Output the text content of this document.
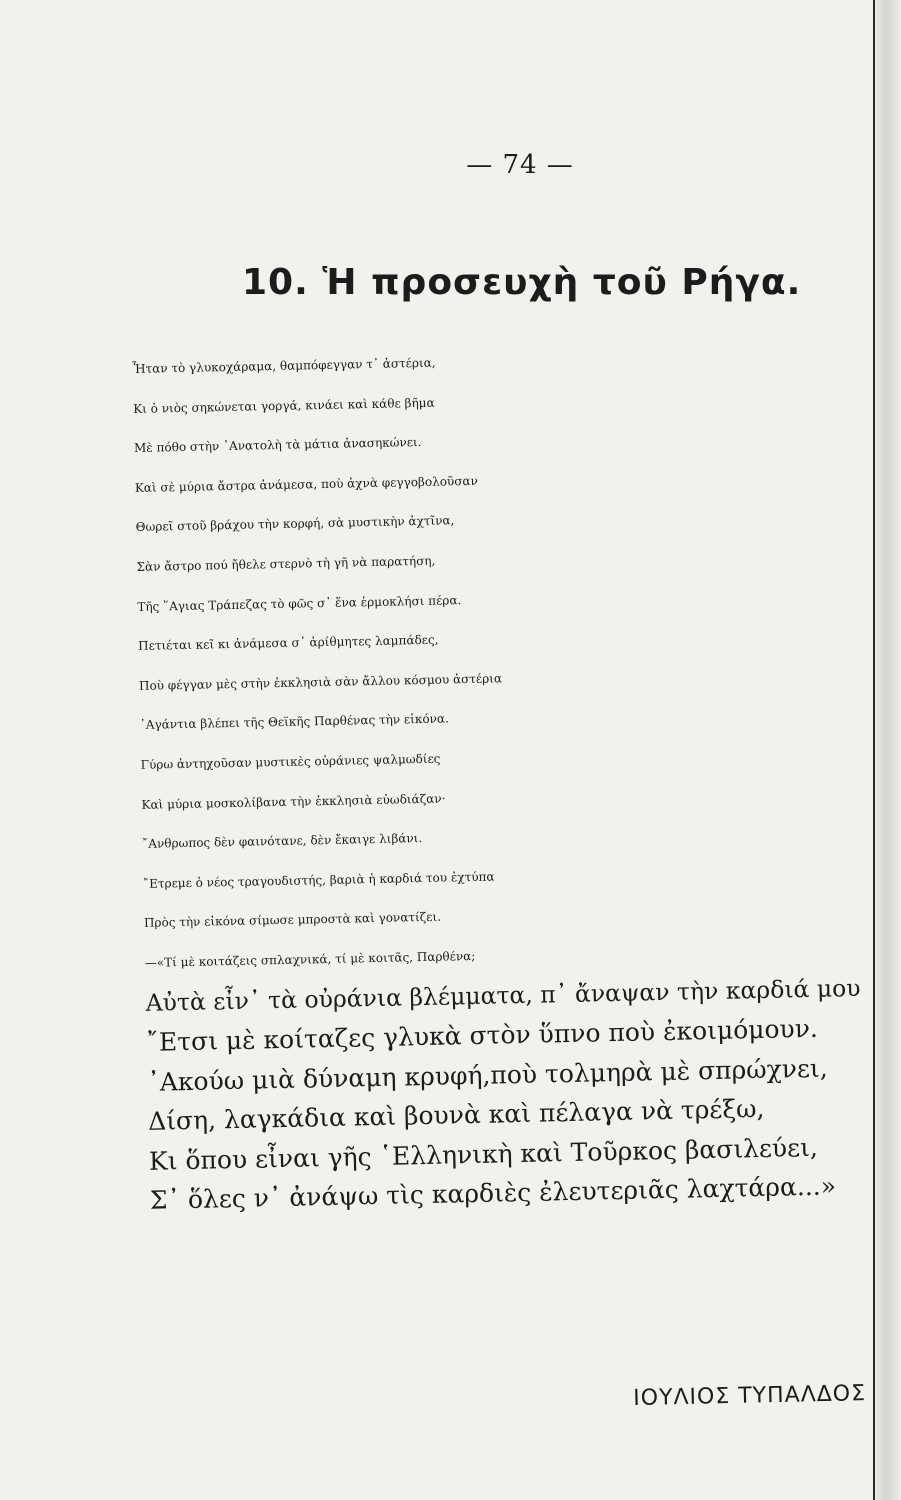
— 74 —
10. Ἡ προσευχὴ τοῦ Ρήγα.
Ἦταν τὸ γλυκοχάραμα, θαμπόφεγγαν τ᾽ ἀστέρια,
Κι ὁ νιὸς σηκώνεται γοργά, κινάει καὶ κάθε βῆμα
Μὲ πόθο στὴν ᾽Ανατολὴ τὰ μάτια ἀνασηκώνει.
Καὶ σὲ μύρια ἄστρα ἀνάμεσα, ποὺ ἀχνὰ φεγγοβολοῦσαν
Θωρεῖ στοῦ βράχου τὴν κορφή, σὰ μυστικὴν ἀχτῖνα,
Σὰν ἄστρο πού ἤθελε στερνὸ τὴ γῆ νὰ παρατήση,
Τῆς ῞Αγιας Τράπεζας τὸ φῶς σ᾽ ἕνα ἑρμοκλήσι πέρα.
Πετιέται κεῖ κι ἀνάμεσα σ᾽ ἀρίθμητες λαμπάδες,
Ποὺ φέγγαν μὲς στὴν ἐκκλησιὰ σὰν ἄλλου κόσμου ἀστέρια
᾽Αγάντια βλέπει τῆς Θεϊκῆς Παρθένας τὴν εἰκόνα.
Γύρω ἀντηχοῦσαν μυστικὲς οὐράνιες ψαλμωδίες
Καὶ μύρια μοσκολίβανα τὴν ἐκκλησιὰ εὐωδιάζαν·
῎Ανθρωπος δὲν φαινότανε, δὲν ἔκαιγε λιβάνι.
῎Ετρεμε ὁ νέος τραγουδιστής, βαριὰ ἡ καρδιά του ἐχτύπα
Πρὸς τὴν εἰκόνα σίμωσε μπροστὰ καὶ γονατίζει.
—«Τί μὲ κοιτάζεις σπλαχνικά, τί μὲ κοιτᾶς, Παρθένα;
Αὐτὰ εἶν᾽ τὰ οὐράνια βλέμματα, π᾽ ἄναψαν τὴν καρδιά μου
῎Ετσι μὲ κοίταζες γλυκὰ στὸν ὕπνο ποὺ ἐκοιμόμουν.
᾽Ακούω μιὰ δύναμη κρυφή,ποὺ τολμηρὰ μὲ σπρώχνει,
Δίση, λαγκάδια καὶ βουνὰ καὶ πέλαγα νὰ τρέξω,
Κι ὅπου εἶναι γῆς ῾Ελληνικὴ καὶ Τοῦρκος βασιλεύει,
Σ᾽ ὅλες ν᾽ ἀνάψω τὶς καρδιὲς ἐλευτεριᾶς λαχτάρα...»
ΙΟΥΛΙΟΣ ΤΥΠΑΛΔΟΣ
